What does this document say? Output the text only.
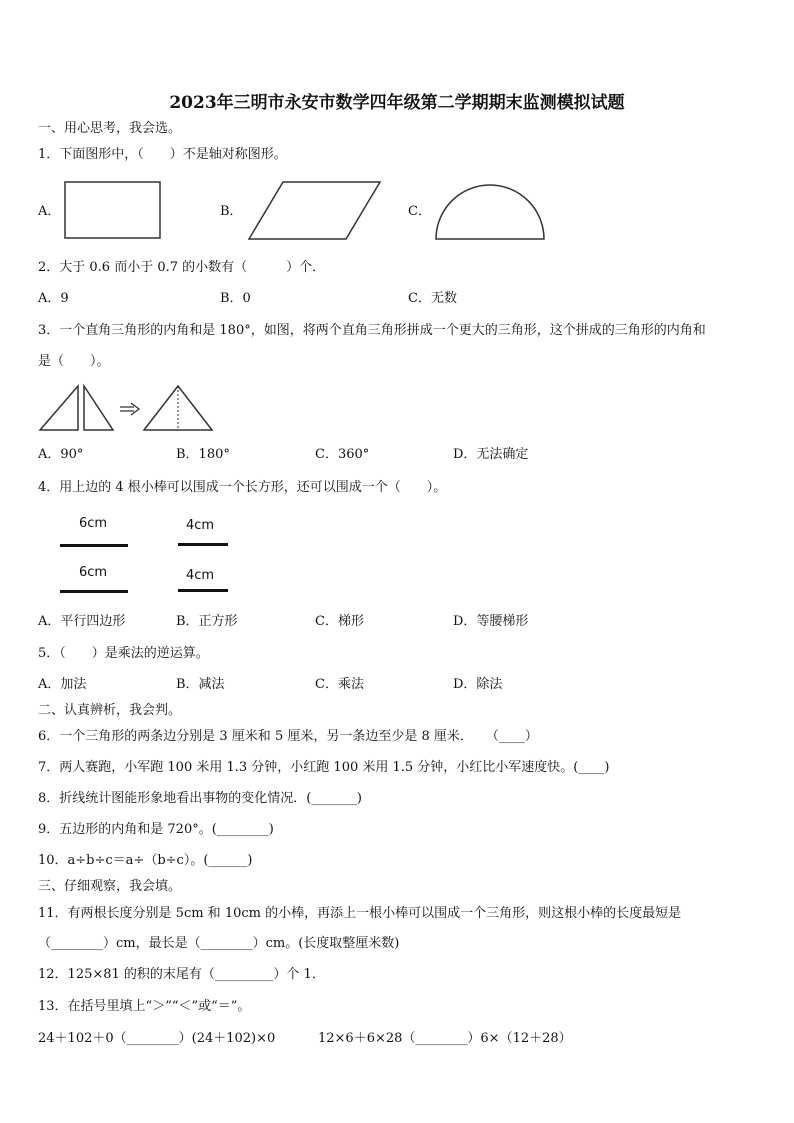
2023年三明市永安市数学四年级第二学期期末监测模拟试题
一、用心思考，我会选。
1．下面图形中，（　　）不是轴对称图形。
A．	B．	C．
2．大于 0.6 而小于 0.7 的小数有（　　　）个．
A．9	B．0	C．无数
3．一个直角三角形的内角和是 180°，如图，将两个直角三角形拼成一个更大的三角形，这个拼成的三角形的内角和
是（　　）。
A．90°	B．180°	C．360°	D．无法确定
4．用上边的 4 根小棒可以围成一个长方形，还可以围成一个（　　）。
6cm	4cm
6cm	4cm
A．平行四边形	B．正方形	C．梯形	D．等腰梯形
5．（　　）是乘法的逆运算。
A．加法	B．减法	C．乘法	D．除法
二、认真辨析，我会判。
6．一个三角形的两条边分别是 3 厘米和 5 厘米，另一条边至少是 8 厘米．　　（____）
7．两人赛跑，小军跑 100 米用 1.3 分钟，小红跑 100 米用 1.5 分钟，小红比小军速度快。(____)
8．折线统计图能形象地看出事物的变化情况．(_______)
9．五边形的内角和是 720°。(________)
10．a÷b÷c＝a÷（b÷c）。(______)
三、仔细观察，我会填。
11．有两根长度分别是 5cm 和 10cm 的小棒，再添上一根小棒可以围成一个三角形，则这根小棒的长度最短是
（________）cm，最长是（________）cm。(长度取整厘米数)
12．125×81 的积的末尾有（_________）个 1．
13．在括号里填上“＞”“＜”或“＝”。
24＋102＋0（________）(24＋102)×0	12×6＋6×28（________）6×（12＋28）
